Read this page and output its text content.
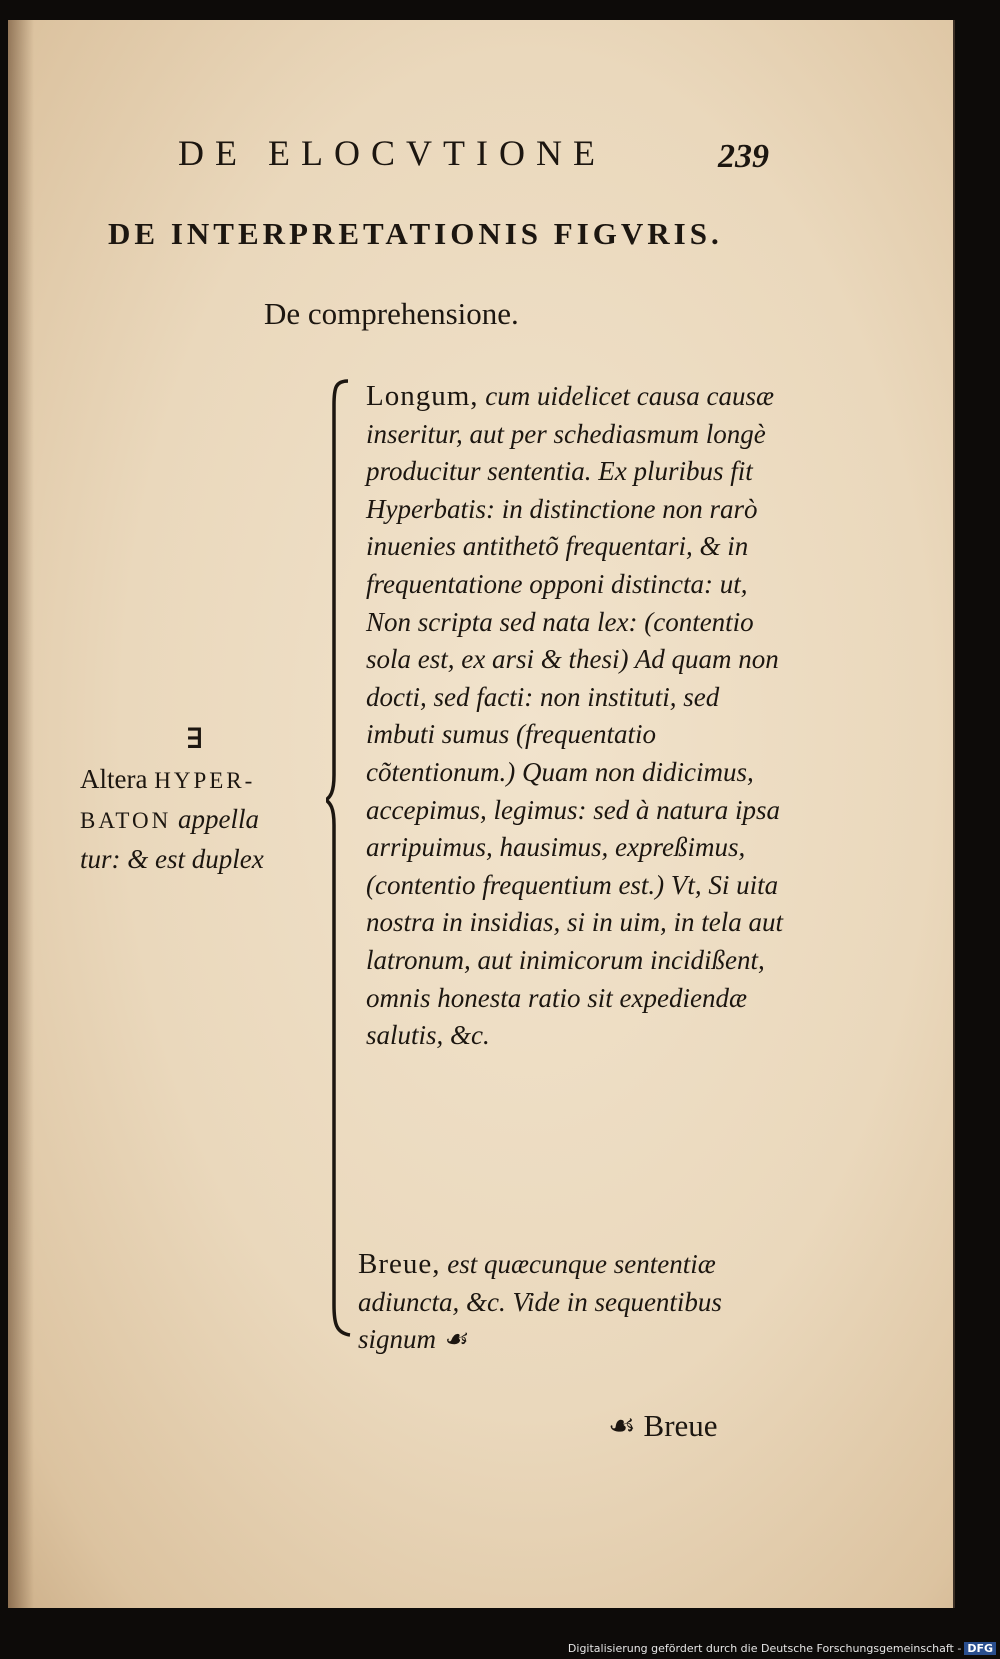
DE ELOCVTIONE	239
DE INTERPRETATIONIS FIGVRIS.
De comprehensione.
∃
Altera HYPER-
BATON appella
tur: & est duplex
Longum, cum uidelicet causa causæ inseritur, aut per schediasmum longè producitur sententia. Ex pluribus fit Hyperbatis: in distinctione non rarò inuenies antithetõ frequentari, & in frequentatione opponi distincta: ut, Non scripta sed nata lex: (contentio sola est, ex arsi & thesi) Ad quam non docti, sed facti: non instituti, sed imbuti sumus (frequentatio cõtentionum.) Quam non didicimus, accepimus, legimus: sed à natura ipsa arripuimus, hausimus, expreßimus, (contentio frequentium est.) Vt, Si uita nostra in insidias, si in uim, in tela aut latronum, aut inimicorum incidißent, omnis honesta ratio sit expediendæ salutis, &c.
Breue, est quæcunque sententiæ adiuncta, &c. Vide in sequentibus signum ☙
☙ Breue
Digitalisierung gefördert durch die Deutsche Forschungsgemeinschaft - DFG
